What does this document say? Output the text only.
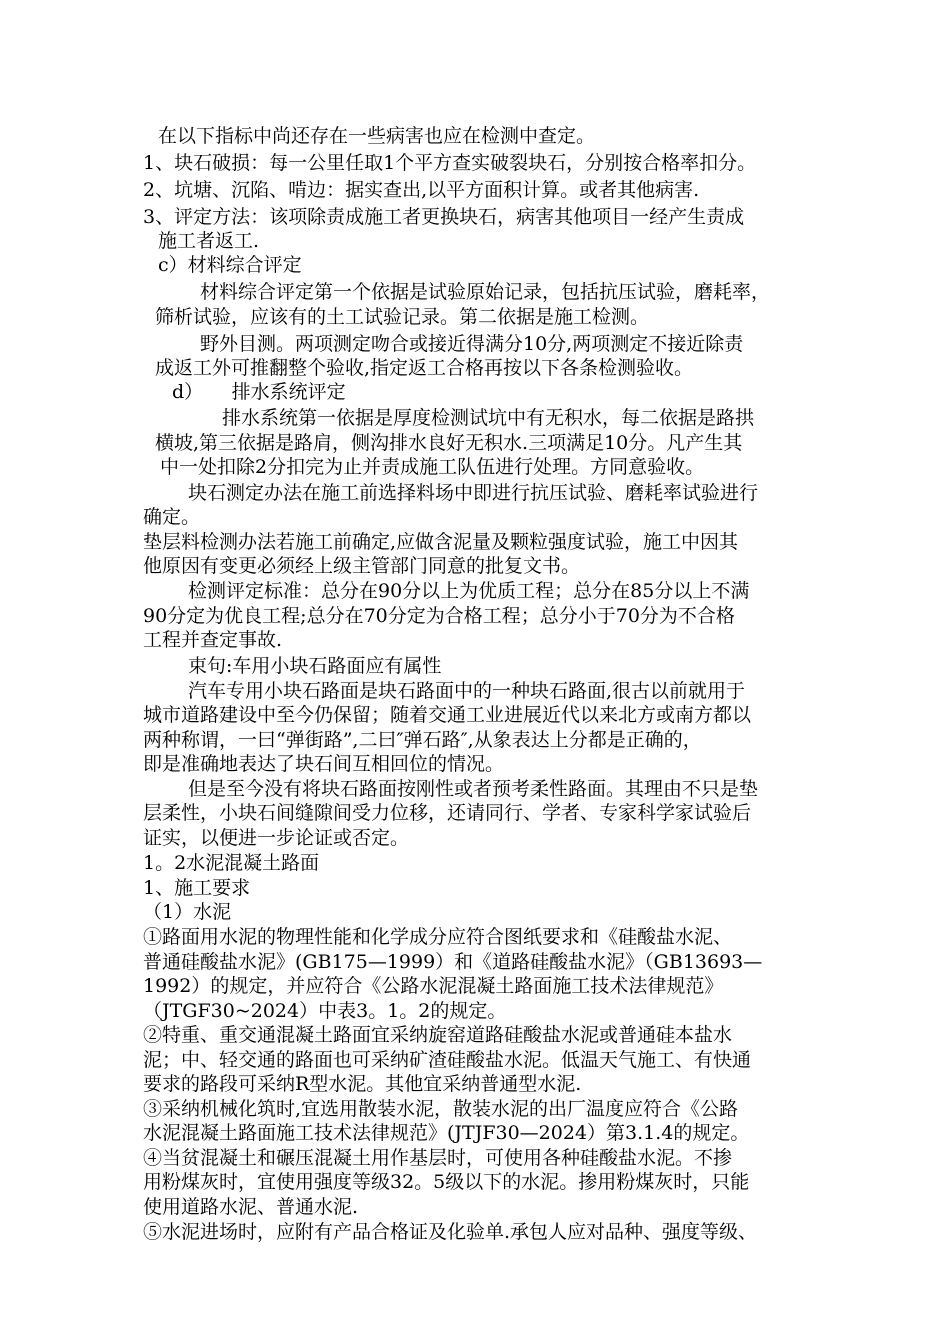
在以下指标中尚还存在一些病害也应在检测中查定。
1、块石破损：每一公里任取1个平方查实破裂块石，分别按合格率扣分。
2、坑塘、沉陷、啃边：据实查出,以平方面积计算。或者其他病害.
3、评定方法：该项除责成施工者更换块石，病害其他项目一经产生责成
施工者返工.
c）材料综合评定
材料综合评定第一个依据是试验原始记录，包括抗压试验，磨耗率，
筛析试验，应该有的土工试验记录。第二依据是施工检测。
野外目测。两项测定吻合或接近得满分10分,两项测定不接近除责
成返工外可推翻整个验收,指定返工合格再按以下各条检测验收。
d）　　排水系统评定
排水系统第一依据是厚度检测试坑中有无积水，每二依据是路拱
横坡,第三依据是路肩，侧沟排水良好无积水.三项满足10分。凡产生其
中一处扣除2分扣完为止并责成施工队伍进行处理。方同意验收。
块石测定办法在施工前选择料场中即进行抗压试验、磨耗率试验进行
确定。
垫层料检测办法若施工前确定,应做含泥量及颗粒强度试验，施工中因其
他原因有变更必须经上级主管部门同意的批复文书。
检测评定标准：总分在90分以上为优质工程；总分在85分以上不满
90分定为优良工程;总分在70分定为合格工程；总分小于70分为不合格
工程并查定事故.
束句:车用小块石路面应有属性
汽车专用小块石路面是块石路面中的一种块石路面,很古以前就用于
城市道路建设中至今仍保留；随着交通工业进展近代以来北方或南方都以
两种称谓，一曰“弹街路”,二曰″弹石路″,从象表达上分都是正确的，
即是准确地表达了块石间互相回位的情况。
但是至今没有将块石路面按刚性或者预考柔性路面。其理由不只是垫
层柔性，小块石间缝隙间受力位移，还请同行、学者、专家科学家试验后
证实，以便进一步论证或否定。
1。2水泥混凝土路面
1、施工要求
（1）水泥
①路面用水泥的物理性能和化学成分应符合图纸要求和《硅酸盐水泥、
普通硅酸盐水泥》(GB175—1999）和《道路硅酸盐水泥》（GB13693—
1992）的规定，并应符合《公路水泥混凝土路面施工技术法律规范》
（JTGF30~2024）中表3。1。2的规定。
②特重、重交通混凝土路面宜采纳旋窑道路硅酸盐水泥或普通硅本盐水
泥；中、轻交通的路面也可采纳矿渣硅酸盐水泥。低温天气施工、有快通
要求的路段可采纳R型水泥。其他宜采纳普通型水泥.
③采纳机械化筑时,宜选用散装水泥，散装水泥的出厂温度应符合《公路
水泥混凝土路面施工技术法律规范》(JTJF30—2024）第3.1.4的规定。
④当贫混凝土和碾压混凝土用作基层时，可使用各种硅酸盐水泥。不掺
用粉煤灰时，宜使用强度等级32。5级以下的水泥。掺用粉煤灰时，只能
使用道路水泥、普通水泥.
⑤水泥进场时，应附有产品合格证及化验单.承包人应对品种、强度等级、
